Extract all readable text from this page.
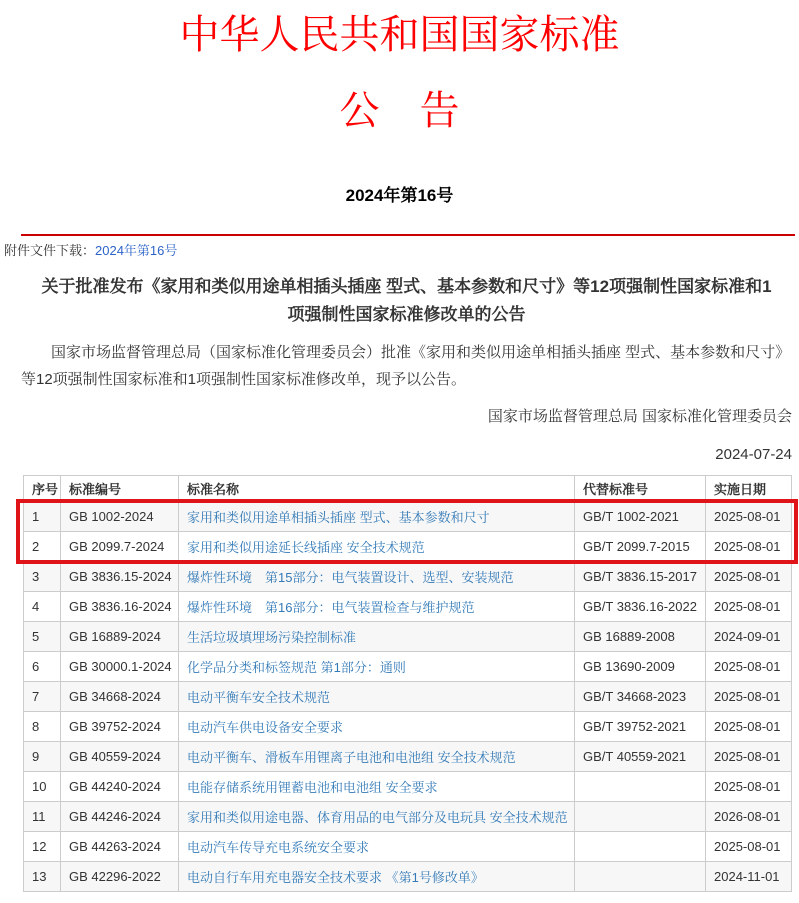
中华人民共和国国家标准
公　告
2024年第16号
附件文件下载：2024年第16号
关于批准发布《家用和类似用途单相插头插座 型式、基本参数和尺寸》等12项强制性国家标准和1项强制性国家标准修改单的公告

国家市场监督管理总局（国家标准化管理委员会）批准《家用和类似用途单相插头插座 型式、基本参数和尺寸》等12项强制性国家标准和1项强制性国家标准修改单，现予以公告。

国家市场监督管理总局 国家标准化管理委员会
2024-07-24
序号	标准编号	标准名称	代替标准号	实施日期
1	GB 1002-2024	家用和类似用途单相插头插座 型式、基本参数和尺寸	GB/T 1002-2021	2025-08-01
2	GB 2099.7-2024	家用和类似用途延长线插座 安全技术规范	GB/T 2099.7-2015	2025-08-01
3	GB 3836.15-2024	爆炸性环境　第15部分：电气装置设计、选型、安装规范	GB/T 3836.15-2017	2025-08-01
4	GB 3836.16-2024	爆炸性环境　第16部分：电气装置检查与维护规范	GB/T 3836.16-2022	2025-08-01
5	GB 16889-2024	生活垃圾填埋场污染控制标准	GB 16889-2008	2024-09-01
6	GB 30000.1-2024	化学品分类和标签规范 第1部分：通则	GB 13690-2009	2025-08-01
7	GB 34668-2024	电动平衡车安全技术规范	GB/T 34668-2023	2025-08-01
8	GB 39752-2024	电动汽车供电设备安全要求	GB/T 39752-2021	2025-08-01
9	GB 40559-2024	电动平衡车、滑板车用锂离子电池和电池组 安全技术规范	GB/T 40559-2021	2025-08-01
10	GB 44240-2024	电能存储系统用锂蓄电池和电池组 安全要求		2025-08-01
11	GB 44246-2024	家用和类似用途电器、体育用品的电气部分及电玩具 安全技术规范		2026-08-01
12	GB 44263-2024	电动汽车传导充电系统安全要求		2025-08-01
13	GB 42296-2022	电动自行车用充电器安全技术要求 《第1号修改单》		2024-11-01
